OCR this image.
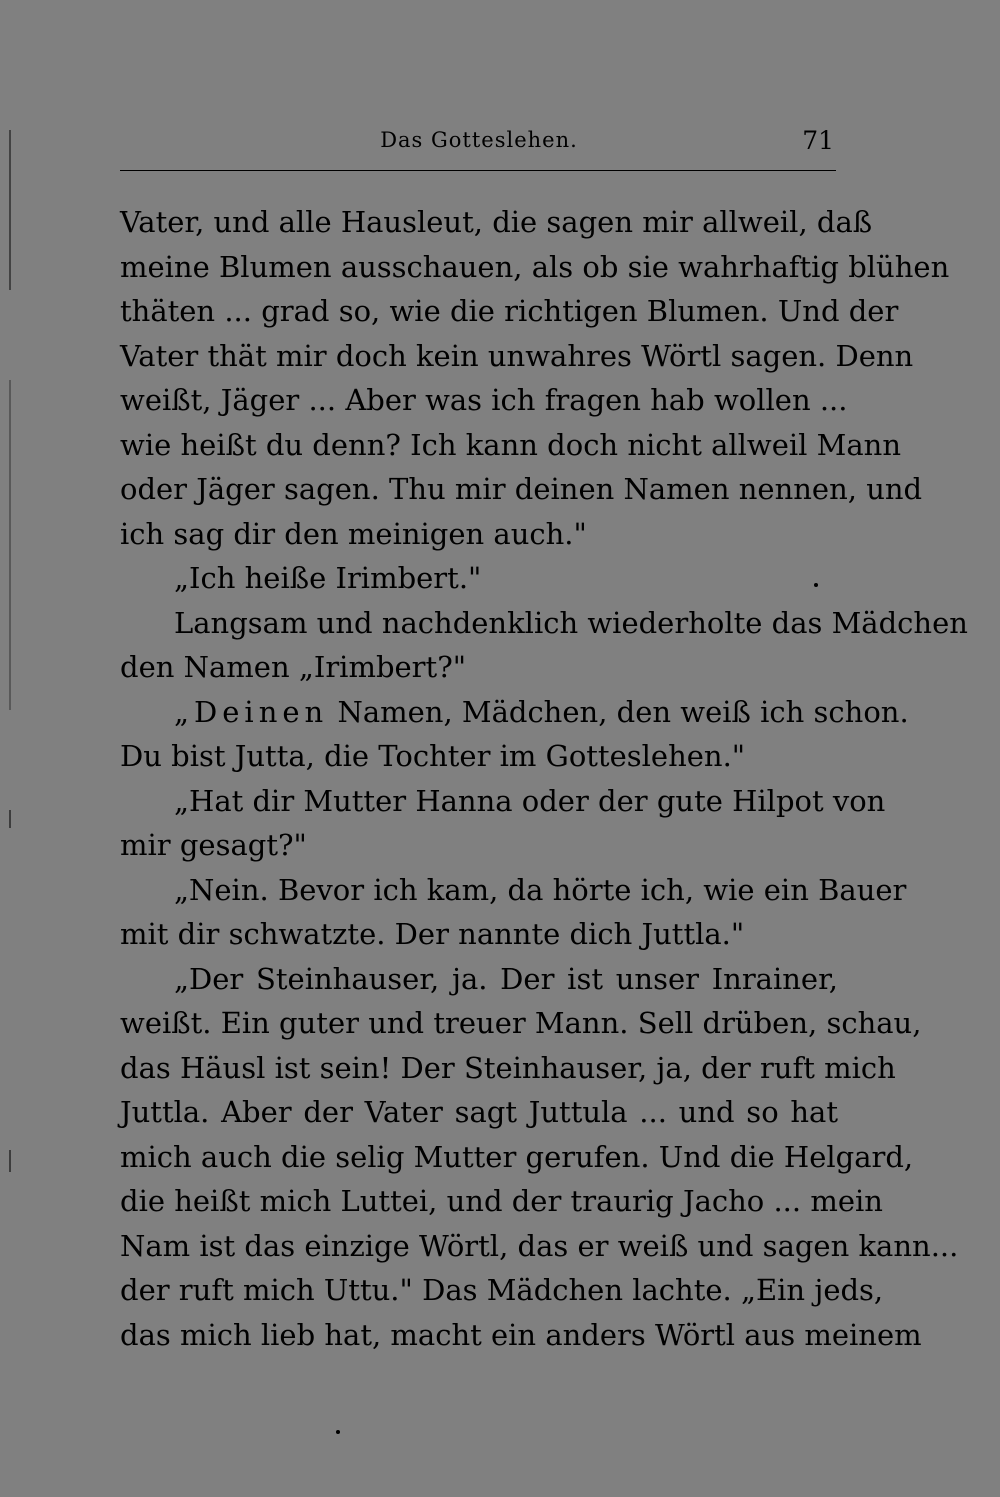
Das Gotteslehen.	71
Vater, und alle Hausleut, die sagen mir allweil, daß
meine Blumen ausschauen, als ob sie wahrhaftig blühen
thäten ... grad so, wie die richtigen Blumen. Und der
Vater thät mir doch kein unwahres Wörtl sagen. Denn
weißt, Jäger ... Aber was ich fragen hab wollen ...
wie heißt du denn? Ich kann doch nicht allweil Mann
oder Jäger sagen. Thu mir deinen Namen nennen, und
ich sag dir den meinigen auch."
„Ich heiße Irimbert."
Langsam und nachdenklich wiederholte das Mädchen
den Namen „Irimbert?"
„Deinen Namen, Mädchen, den weiß ich schon.
Du bist Jutta, die Tochter im Gotteslehen."
„Hat dir Mutter Hanna oder der gute Hilpot von
mir gesagt?"
„Nein. Bevor ich kam, da hörte ich, wie ein Bauer
mit dir schwatzte. Der nannte dich Juttla."
„Der Steinhauser, ja. Der ist unser Inrainer,
weißt. Ein guter und treuer Mann. Sell drüben, schau,
das Häusl ist sein! Der Steinhauser, ja, der ruft mich
Juttla. Aber der Vater sagt Juttula ... und so hat
mich auch die selig Mutter gerufen. Und die Helgard,
die heißt mich Luttei, und der traurig Jacho ... mein
Nam ist das einzige Wörtl, das er weiß und sagen kann...
der ruft mich Uttu." Das Mädchen lachte. „Ein jeds,
das mich lieb hat, macht ein anders Wörtl aus meinem
